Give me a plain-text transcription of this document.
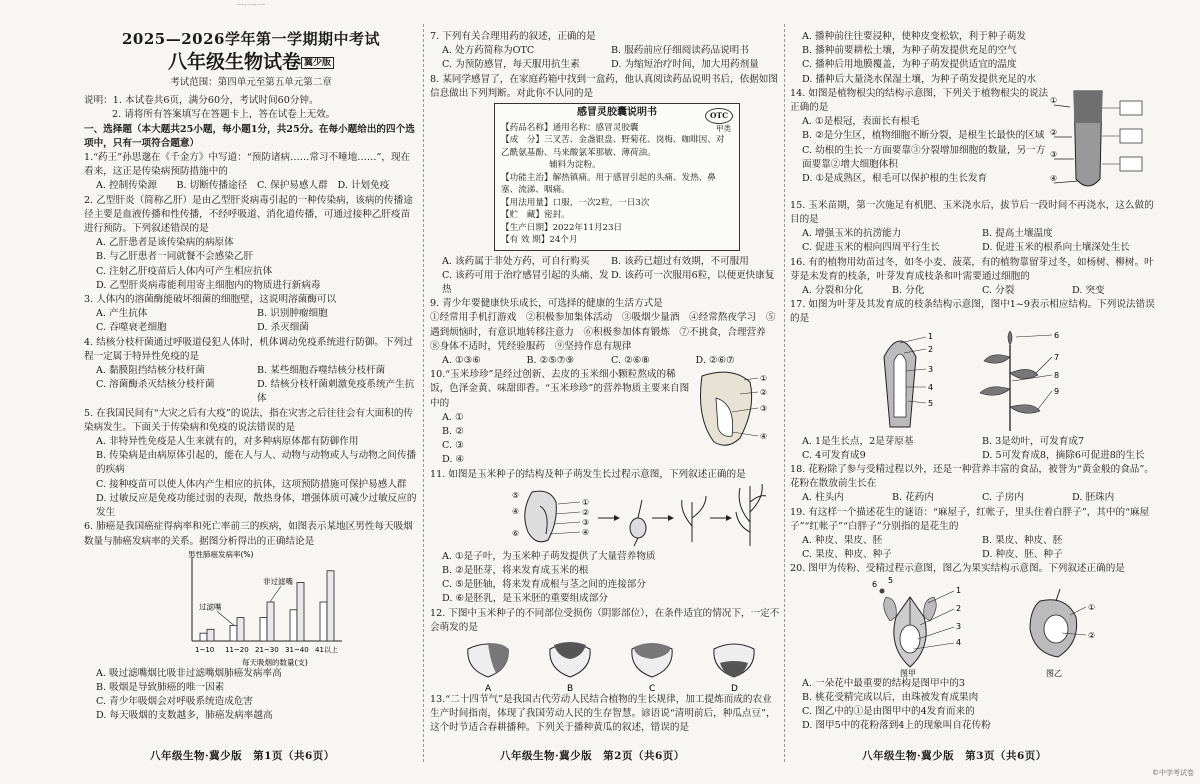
一·一·一
2025—2026学年第一学期期中考试
八年级生物试卷 冀少版
考试范围：第四单元至第五单元第二章
说明：1. 本试卷共6页，满分60分，考试时间60分钟。
2. 请将所有答案填写在答题卡上，答在试卷上无效。
一、选择题（本大题共25小题，每小题1分，共25分。在每小题给出的四个选项中，只有一项符合题意）
1.“药王”孙思邈在《千金方》中写道：“预防诸病……常习不唾地……”，现在看来，这正是传染病预防措施中的
A. 控制传染源	B. 切断传播途径	C. 保护易感人群	D. 计划免疫
2. 乙型肝炎（简称乙肝）是由乙型肝炎病毒引起的一种传染病，该病的传播途径主要是血液传播和性传播，不经呼吸道、消化道传播，可通过接种乙肝疫苗进行预防。下列叙述错误的是
A. 乙肝患者是该传染病的病原体
B. 与乙肝患者一同就餐不会感染乙肝
C. 注射乙肝疫苗后人体内可产生相应抗体
D. 乙型肝炎病毒能利用寄主细胞内的物质进行新病毒
3. 人体内的溶菌酶能破坏细菌的细胞壁，这说明溶菌酶可以
A. 产生抗体	B. 识别肿瘤细胞
C. 吞噬衰老细胞	D. 杀灭细菌
4. 结核分枝杆菌通过呼吸道侵犯人体时，机体调动免疫系统进行防御。下列过程一定属于特异性免疫的是
A. 黏膜阻挡结核分枝杆菌	B. 某些细胞吞噬结核分枝杆菌
C. 溶菌酶杀灭结核分枝杆菌	D. 结核分枝杆菌刺激免疫系统产生抗体
5. 在我国民间有“大灾之后有大疫”的说法，指在灾害之后往往会有大面积的传染病发生。下面关于传染病和免疫的说法错误的是
A. 非特异性免疫是人生来就有的，对多种病原体都有防御作用
B. 传染病是由病原体引起的，能在人与人、动物与动物或人与动物之间传播的疾病
C. 接种疫苗可以使人体内产生相应的抗体，这项预防措施可保护易感人群
D. 过敏反应是免疫功能过弱的表现，散热身体，增强体质可减少过敏反应的发生
6. 肺癌是我国癌症得病率和死亡率前三的疾病，如图表示某地区男性每天吸烟数量与肺癌发病率的关系。据图分析得出的正确结论是
男性肺癌发病率(%)
每天吸烟的数量(支)
1~10 11~20 21~30 31~40 41以上
非过滤嘴
过滤嘴
A. 吸过滤嘴烟比吸非过滤嘴烟肺癌发病率高
B. 吸烟是导致肺癌的唯一因素
C. 青少年吸烟会对呼吸系统造成危害
D. 每天吸烟的支数越多，肺癌发病率越高
八年级生物·冀少版　第1页（共6页）
7. 下列有关合理用药的叙述，正确的是
A. 处方药简称为OTC	B. 服药前应仔细阅读药品说明书
C. 为预防感冒，每天服用抗生素	D. 为缩短治疗时间，加大用药剂量
8. 某同学感冒了，在家庭药箱中找到一盒药，他认真阅读药品说明书后，依据如图信息做出下列判断。对此你不认同的是
感冒灵胶囊说明书	OTC
甲类
【药品名称】通用名称：感冒灵胶囊
【成　分】三叉苦、金盏银盘、野菊花、岗梅、咖啡因、对乙酰氨基酚、马来酸氯苯那敏、薄荷油。
辅料为淀粉。
【功能主治】解热镇痛。用于感冒引起的头痛、发热、鼻塞、流涕、咽痛。
【用法用量】口服，一次2粒，一日3次
【贮　藏】密封。
【生产日期】2022年11月23日
【有 效 期】24个月
A. 该药属于非处方药，可自行购买	B. 该药已超过有效期，不可服用
C. 该药可用于治疗感冒引起的头痛、发热
D. 该药可一次服用6粒，以便更快康复
9. 青少年要健康快乐成长，可选择的健康的生活方式是
①经常用手机打游戏　②积极参加集体活动　③吸烟少量酒　④经常熬夜学习　⑤遇到烦恼时，有意识地转移注意力　⑥积极参加体育锻炼　⑦不挑食，合理营养　⑧身体不适时，凭经验服药　⑨坚持作息有规律
A. ①③⑥	B. ②⑤⑦⑨	C. ②⑥⑧	D. ②⑥⑦
10.“玉米珍珍”是经过创新、去皮的玉米细小颗粒熬成的稀饭，色泽金黄、味甜即香。“玉米珍珍”的营养物质主要来自图中的
A. ①
B. ②
C. ③
D. ④
①
②
③
④
11. 如图是玉米种子的结构及种子萌发生长过程示意图，下列叙述正确的是
⑤
④
⑥
①
②
③
④
A. ①是子叶，为玉米种子萌发提供了大量营养物质
B. ②是胚芽，将来发育成玉米的根
C. ⑤是胚轴，将来发育成根与茎之间的连接部分
D. ⑥是胚乳，是玉米胚的重要组成部分
12. 下图中玉米种子的不同部位受损伤（阴影部位），在条件适宜的情况下，一定不会萌发的是
A	B	C	D
13.“二十四节气”是我国古代劳动人民结合植物的生长规律，加工提炼而成的农业生产时间指南，体现了我国劳动人民的生存智慧。谚语说“清明前后，种瓜点豆”，这个时节适合春耕播种。下列关于播种黄瓜的叙述，错误的是
八年级生物·冀少版　第2页（共6页）
A. 播种前往往要浸种，使种皮变松软，利于种子萌发
B. 播种前要耕松土壤，为种子萌发提供充足的空气
C. 播种后用地膜覆盖，为种子萌发提供适宜的温度
D. 播种后大量浇水保湿土壤，为种子萌发提供充足的水
14. 如图是植物根尖的结构示意图，下列关于植物根尖的说法正确的是
A. ①是根冠，表面长有根毛
B. ②是分生区，植物细胞不断分裂，是根生长最快的区域
C. 幼根的生长一方面要靠③分裂增加细胞的数量，另一方面要靠②增大细胞体积
D. ①是成熟区，根毛可以保护根的生长发育
①
②
③
④
15. 玉米苗期，第一次施足有机肥、玉米浇水后，拔节后一段时间不再浇水，这么做的目的是
A. 增强玉米的抗涝能力	B. 提高土壤温度
C. 促进玉米的根向四周平行生长	D. 促进玉米的根系向土壤深处生长
16. 有的植物用幼苗过冬，如冬小麦、菠菜，有的植物靠留芽过冬，如杨树、柳树。叶芽是未发育的枝条，叶芽发育成枝条和叶需要通过细胞的
A. 分裂和分化	B. 分化	C. 分裂	D. 突变
17. 如图为叶芽及其发育成的枝条结构示意图，图中1~9表示相应结构。下列说法错误的是
1
2
3
4
5
6
7
8
9
A. 1是生长点，2是芽原基	B. 3是幼叶，可发育成7
C. 4可发育成9	D. 5可发育成8，摘除6可促进8的生长
18. 花粉除了参与受精过程以外，还是一种营养丰富的食品，被誉为“黄金般的食品”。花粉在散放前生长在
A. 柱头内	B. 花药内	C. 子房内	D. 胚珠内
19. 有这样一个描述花生的谜语：“麻屋子，红帐子，里头住着白胖子”，其中的“麻屋子”“红帐子”“白胖子”分别指的是花生的
A. 种皮、果皮、胚	B. 果皮、种皮、胚
C. 果皮、种皮、种子	D. 种皮、胚、种子
20. 图甲为传粉、受精过程示意图，图乙为果实结构示意图。下列叙述正确的是
6 5
1
2
3
4
图甲
①
②
图乙
A. 一朵花中最重要的结构是图甲中的3
B. 桃花受精完成以后，由珠被发育成果肉
C. 图乙中的①是由图甲中的4发育而来的
D. 图甲5中的花粉落到4上的现象叫自花传粉
八年级生物·冀少版　第3页（共6页）
©中学考试卷
